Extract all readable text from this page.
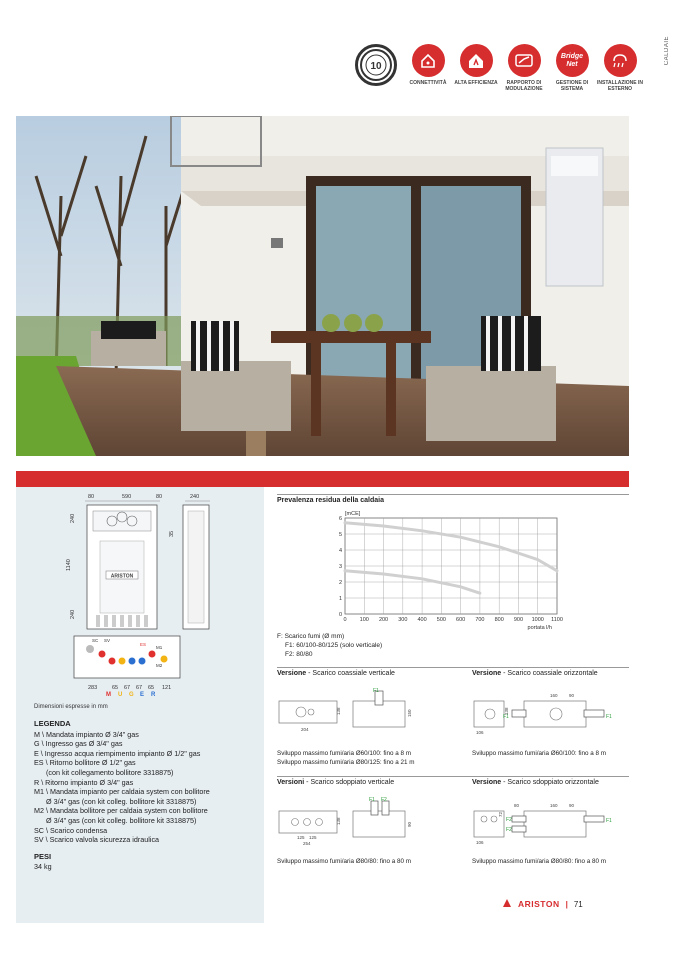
CALDAIE
10
CONNETTIVITÀ ALTA EFFICIENZA	RAPPORTO DI MODULAZIONE
Bridge Net
GESTIONE DI SISTEMA
INSTALLAZIONE IN ESTERNO
80	590	80	240
240
1140
240
35
ARISTON
SC SV
ES
M1
M2
283	65 67 67 65 121
M U G E R
Dimensioni espresse in mm
LEGENDA
M \ Mandata impianto Ø 3/4" gas
G \ Ingresso gas Ø 3/4" gas
E \ Ingresso acqua riempimento impianto Ø 1/2" gas
ES \ Ritorno bollitore Ø 1/2" gas
(con kit collegamento bollitore 3318875)
R \ Ritorno impianto Ø 3/4" gas
M1 \ Mandata impianto per caldaia system con bollitore
Ø 3/4" gas (con kit colleg. bollitore kit 3318875)
M2 \ Mandata bollitore per caldaia system con bollitore
Ø 3/4" gas (con kit colleg. bollitore kit 3318875)
SC \ Scarico condensa
SV \ Scarico valvola sicurezza idraulica
PESI
34 kg
Prevalenza residua della caldaia
0 100 200 300 400 500 600 700 800 900 1000 1100
0
1
2
3
4
5
6
[mCE]
portata l/h
F: Scarico fumi (Ø mm)
F1: 60/100-80/125 (solo verticale)
F2: 80/80
Versione - Scarico coassiale verticale	Versione - Scarico coassiale orizzontale
F1
138
204
150	F1	F1
160	90
138
106
Sviluppo massimo fumi/aria Ø60/100: fino a 8 m
Sviluppo massimo fumi/aria Ø80/125: fino a 21 m
Sviluppo massimo fumi/aria Ø60/100: fino a 8 m
Versioni - Scarico sdoppiato verticale	Versione - Scarico sdoppiato orizzontale
F1 F2
138
125 125
254
90
F1
F2
F2
160	90
80
72
106
Sviluppo massimo fumi/aria Ø80/80: fino a 80 m	Sviluppo massimo fumi/aria Ø80/80: fino a 80 m
ARISTON | 71
